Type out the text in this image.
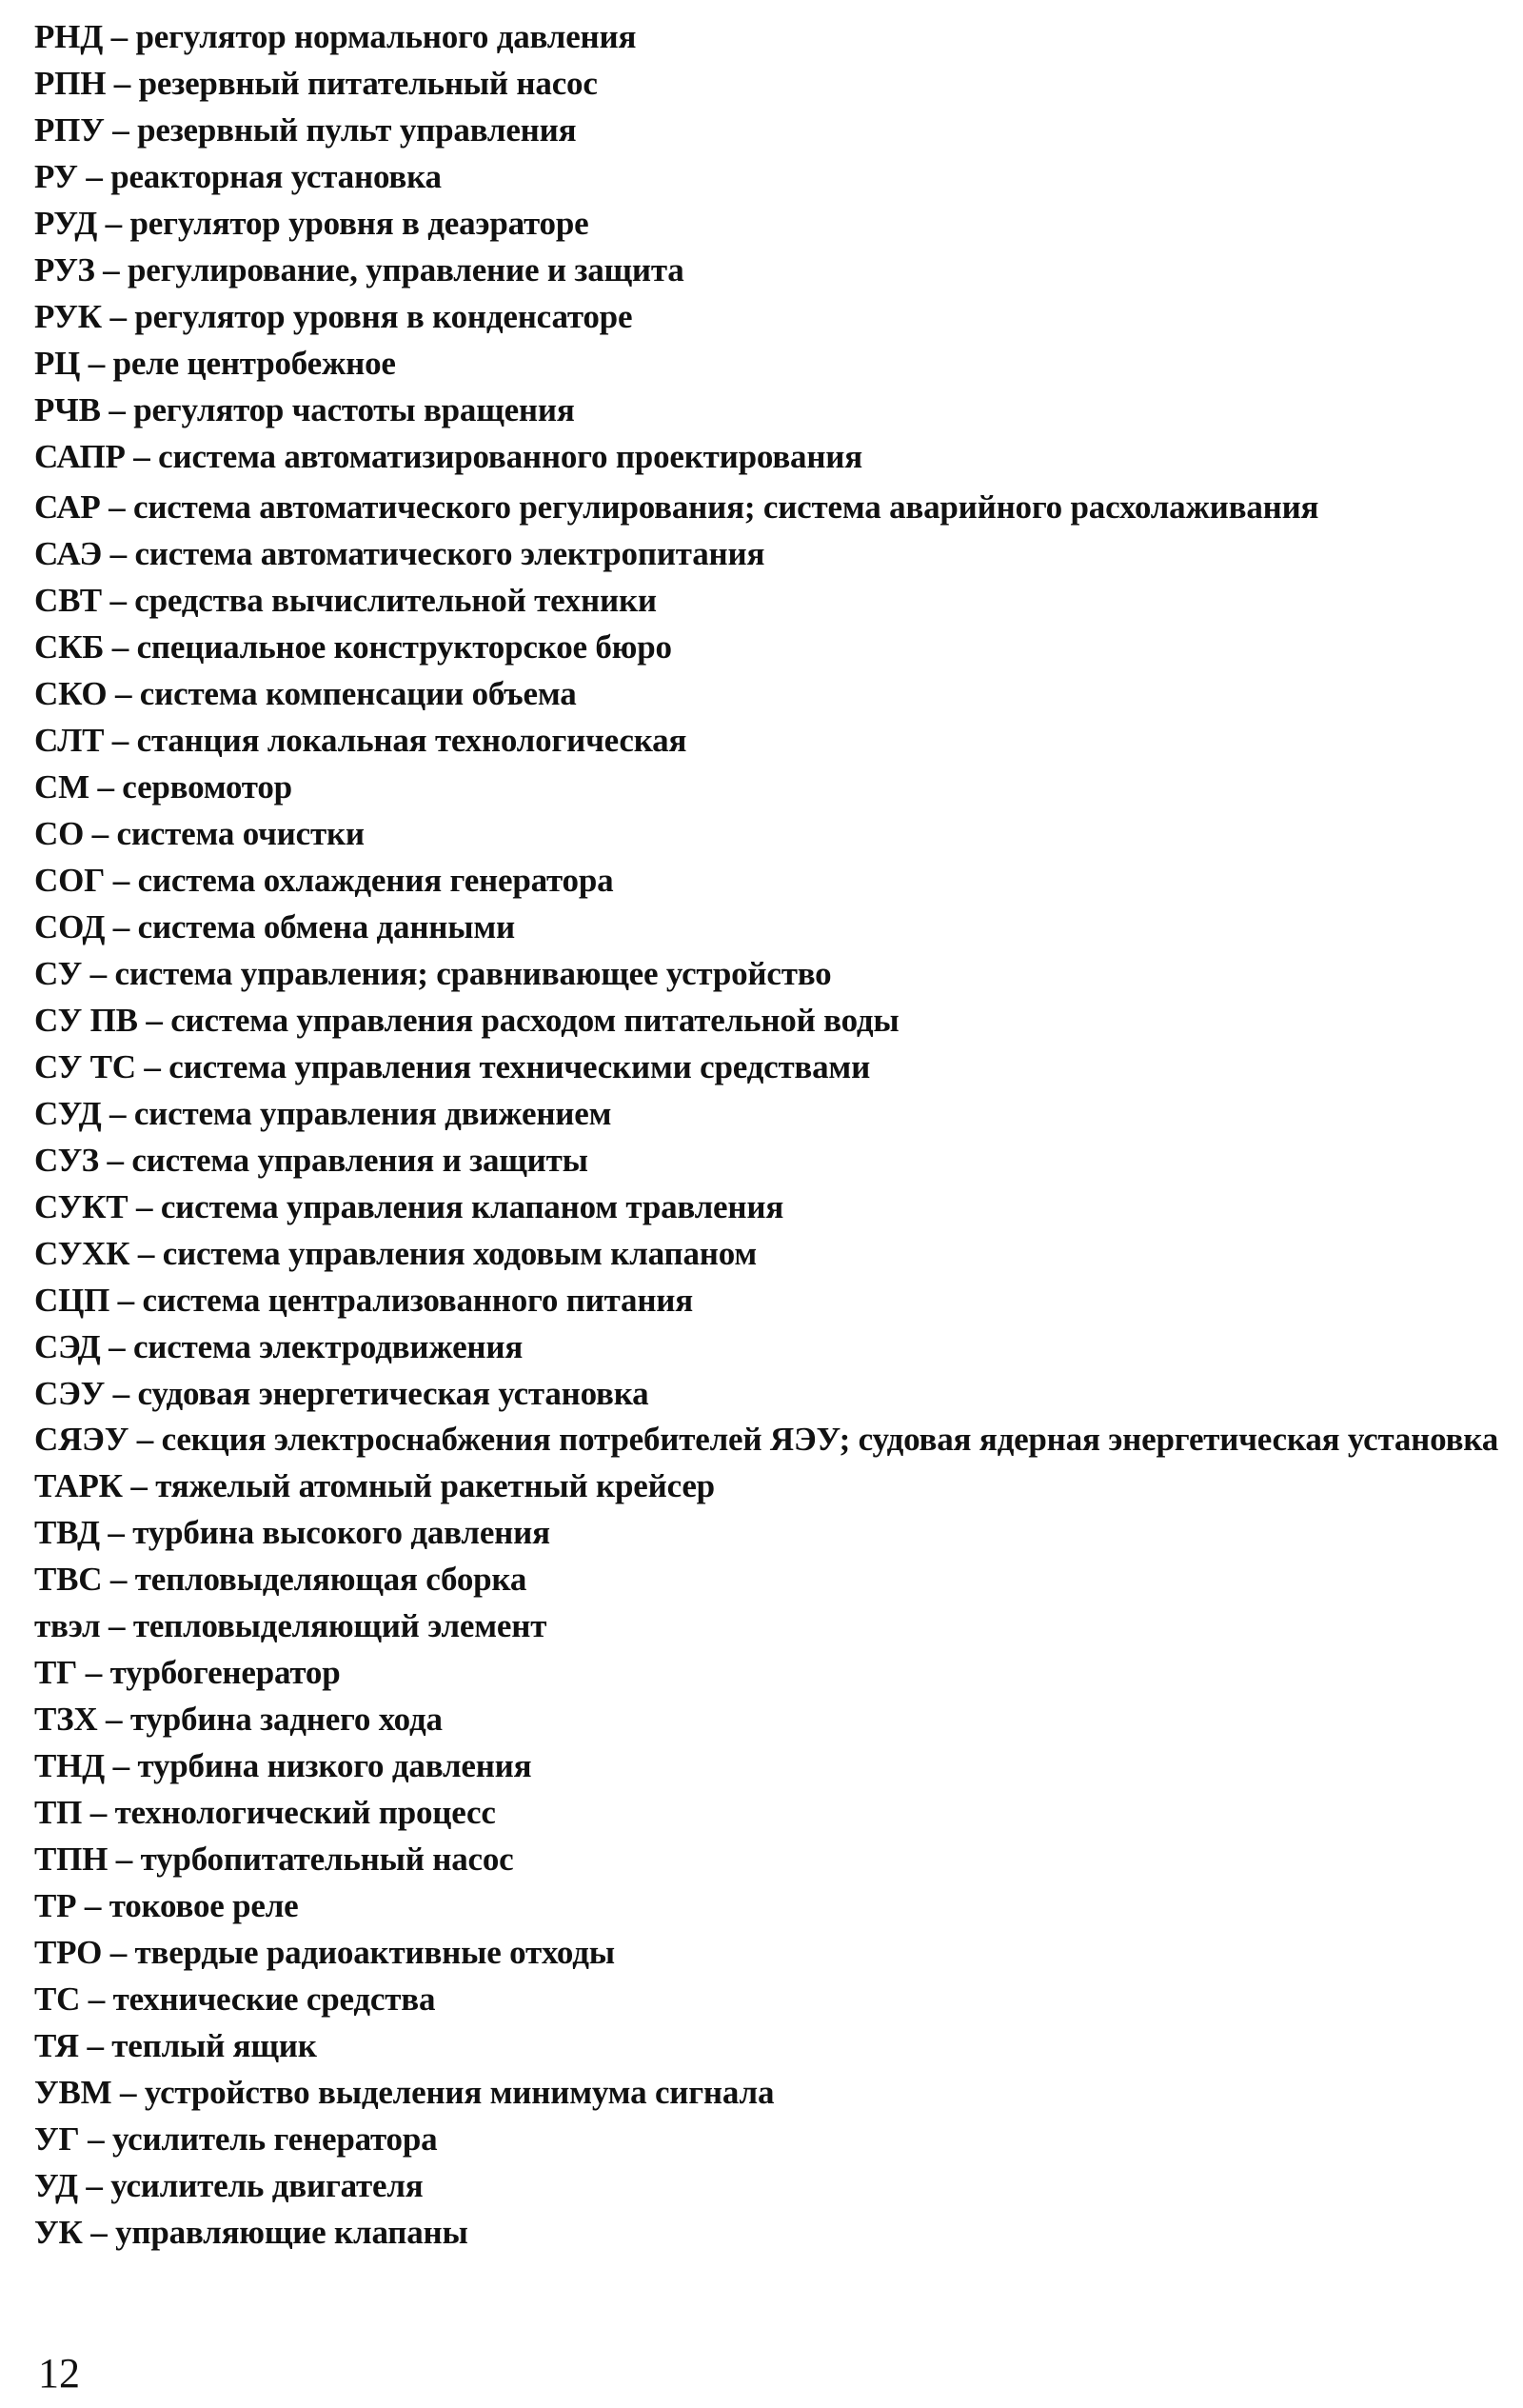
РНД – регулятор нормального давления
РПН – резервный питательный насос
РПУ – резервный пульт управления
РУ – реакторная установка
РУД – регулятор уровня в деаэраторе
РУЗ – регулирование, управление и защита
РУК – регулятор уровня в конденсаторе
РЦ – реле центробежное
РЧВ – регулятор частоты вращения
САПР – система автоматизированного проектирования
САР – система автоматического регулирования; система аварийного расхолаживания
САЭ – система автоматического электропитания
СВТ – средства вычислительной техники
СКБ – специальное конструкторское бюро
СКО – система компенсации объема
СЛТ – станция локальная технологическая
СМ – сервомотор
СО – система очистки
СОГ – система охлаждения генератора
СОД – система обмена данными
СУ – система управления; сравнивающее устройство
СУ ПВ – система управления расходом питательной воды
СУ ТС – система управления техническими средствами
СУД – система управления движением
СУЗ – система управления и защиты
СУКТ – система управления клапаном травления
СУХК – система управления ходовым клапаном
СЦП – система централизованного питания
СЭД – система электродвижения
СЭУ – судовая энергетическая установка
СЯЭУ – секция электроснабжения потребителей ЯЭУ; судовая ядерная энергетическая установка
ТАРК – тяжелый атомный ракетный крейсер
ТВД – турбина высокого давления
ТВС – тепловыделяющая сборка
твэл – тепловыделяющий элемент
ТГ – турбогенератор
ТЗХ – турбина заднего хода
ТНД – турбина низкого давления
ТП – технологический процесс
ТПН – турбопитательный насос
ТР – токовое реле
ТРО – твердые радиоактивные отходы
ТС – технические средства
ТЯ – теплый ящик
УВМ – устройство выделения минимума сигнала
УГ – усилитель генератора
УД – усилитель двигателя
УК – управляющие клапаны
12
